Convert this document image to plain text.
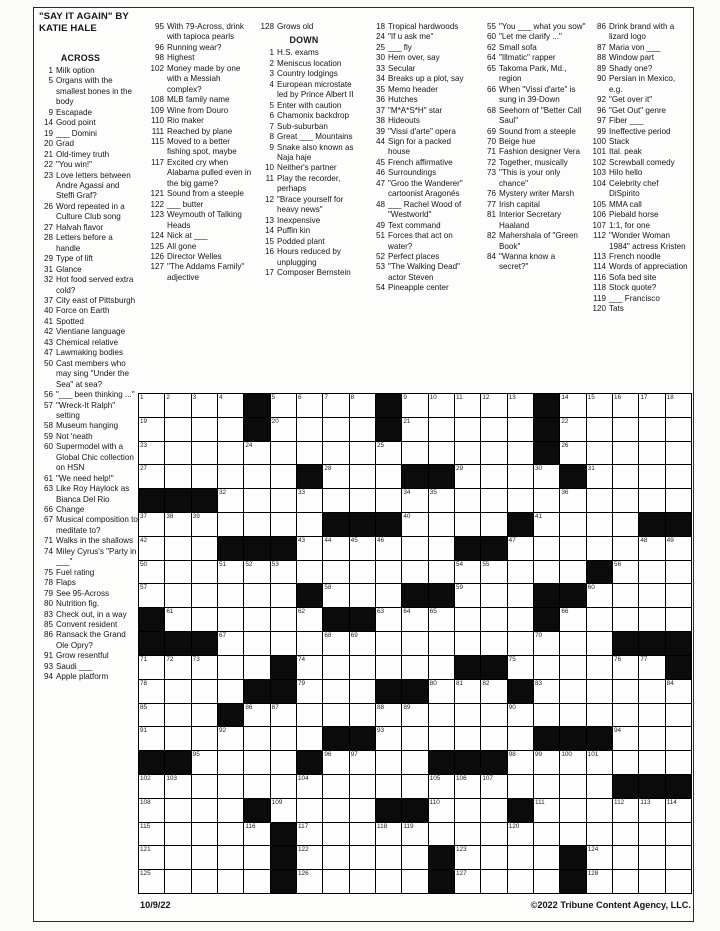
"SAY IT AGAIN" BY
KATIE HALE
ACROSS
1 Milk option
5 Organs with the smallest bones in the body
9 Escapade
14 Good point
19 ___ Domini
20 Grad
21 Old-timey truth
22 "You win!"
23 Love letters between Andre Agassi and Steffi Graf?
26 Word repeated in a Culture Club song
27 Halvah flavor
28 Letters before a handle
29 Type of lift
31 Glance
32 Hot food served extra cold?
37 City east of Pittsburgh
40 Force on Earth
41 Spotted
42 Vientiane language
43 Chemical relative
47 Lawmaking bodies
50 Cast members who may sing "Under the Sea" at sea?
56 "___ been thinking ..."
57 "Wreck-It Ralph" setting
58 Museum hanging
59 Not 'neath
60 Supermodel with a Global Chic collection on HSN
61 "We need help!"
63 Like Roy Haylock as Bianca Del Rio
66 Change
67 Musical composition to meditate to?
71 Walks in the shallows
74 Miley Cyrus's "Party in ___"
75 Fuel rating
78 Flaps
79 See 95-Across
80 Nutrition fig.
83 Check out, in a way
85 Convent resident
86 Ransack the Grand Ole Opry?
91 Grow resentful
93 Saudi ___
94 Apple platform
95 With 79-Across, drink with tapioca pearls
96 Running wear?
98 Highest
102 Money made by one with a Messiah complex?
108 MLB family name
109 Wine from Douro
110 Rio maker
111 Reached by plane
115 Moved to a better fishing spot, maybe
117 Excited cry when Alabama pulled even in the big game?
121 Sound from a steeple
122 ___ butter
123 Weymouth of Talking Heads
124 Nick at ___
125 All gone
126 Director Welles
127 "The Addams Family" adjective
128 Grows old
DOWN
1 H.S. exams
2 Meniscus location
3 Country lodgings
4 European microstate led by Prince Albert II
5 Enter with caution
6 Chamonix backdrop
7 Sub-suburban
8 Great ___ Mountains
9 Snake also known as Naja haje
10 Neither's partner
11 Play the recorder, perhaps
12 "Brace yourself for heavy news"
13 Inexpensive
14 Puffin kin
15 Podded plant
16 Hours reduced by unplugging
17 Composer Bernstein
18 Tropical hardwoods
24 "If u ask me"
25 ___ fly
30 Hem over, say
33 Secular
34 Breaks up a plot, say
35 Memo header
36 Hutches
37 "M*A*S*H" star
38 Hideouts
39 "Vissi d'arte" opera
44 Sign for a packed house
45 French affirmative
46 Surroundings
47 "Groo the Wanderer" cartoonist Aragonés
48 ___ Rachel Wood of "Westworld"
49 Text command
51 Forces that act on water?
52 Perfect places
53 "The Walking Dead" actor Steven
54 Pineapple center
55 "You ___ what you sow"
60 "Let me clarify ..."
62 Small sofa
64 "Illmatic" rapper
65 Takoma Park, Md., region
66 When "Vissi d'arte" is sung in 39-Down
68 Seehorn of "Better Call Saul"
69 Sound from a steeple
70 Beige hue
71 Fashion designer Vera
72 Together, musically
73 "This is your only chance"
76 Mystery writer Marsh
77 Irish capital
81 Interior Secretary Haaland
82 Mahershala of "Green Book"
84 "Wanna know a secret?"
86 Drink brand with a lizard logo
87 Maria von ___
88 Window part
89 Shady one?
90 Persian in Mexico, e.g.
92 "Get over it"
96 "Get Out" genre
97 Fiber ___
99 Ineffective period
100 Stack
101 Ital. peak
102 Screwball comedy
103 Hilo hello
104 Celebrity chef DiSpirito
105 MMA call
106 Piebald horse
107 1:1, for one
112 "Wonder Woman 1984" actress Kristen
113 French noodle
114 Words of appreciation
116 Sofa bed site
118 Stock quote?
119 ___ Francisco
120 Tats
1	2	3	4	5	6	7	8	9	10	11	12	13	14	15	16	17	18
19	20	21	22
23	24	25	26
27	28	29	30	31
32	33	34	35	36
37	38	39	40	41
42	43	44	45	46	47	48	49
50	51	52	53	54	55	56
57	58	59	60
61	62	63	64	65	66
67	68	69	70
71	72	73	74	75	76	77
78	79	80	81	82	83	84
85	86	87	88	89	90
91	92	93	94
95	96	97	98	99	100 101
102 103	104	105 106 107
108	109	110	111	112	113	114
115	116	117	118	119	120
121	122	123	124
125	126	127	128
10/9/22	©2022 Tribune Content Agency, LLC.
